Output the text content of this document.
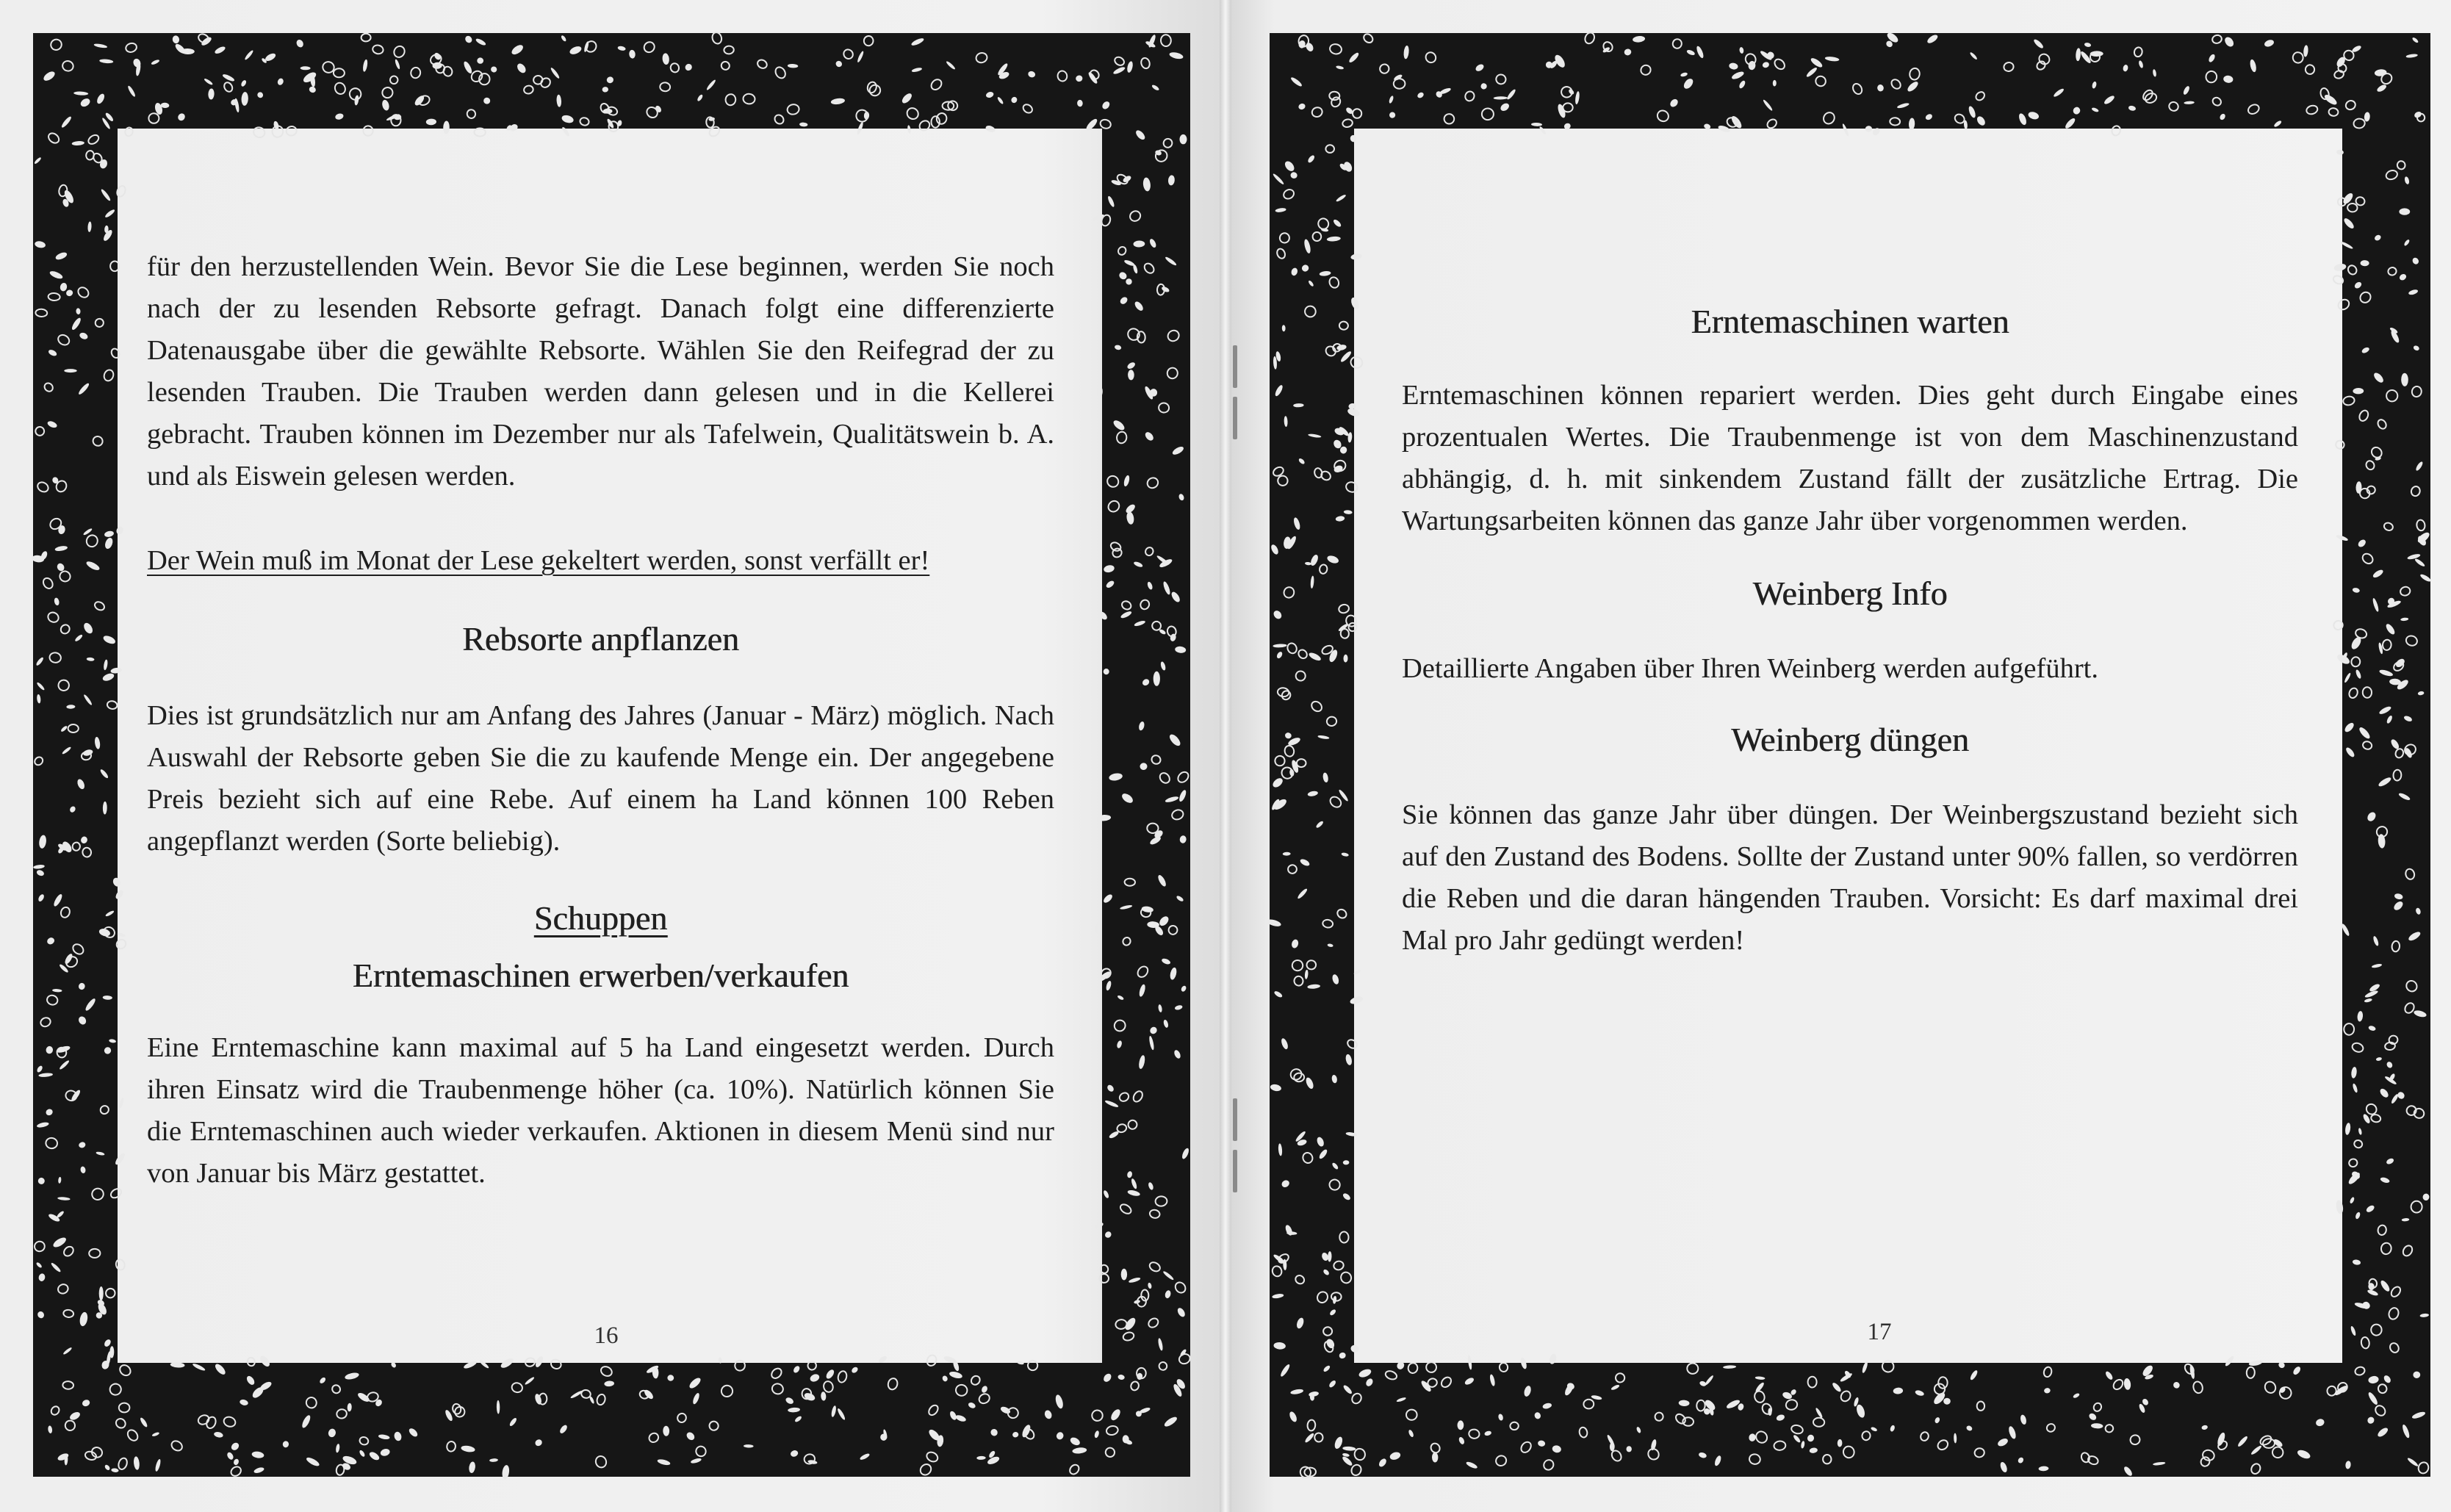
für den herzustellenden Wein. Bevor Sie die Lese beginnen, werden Sie noch nach der zu lesenden Rebsorte gefragt. Danach folgt eine differenzierte Datenausgabe über die gewählte Rebsorte. Wählen Sie den Reifegrad der zu lesenden Trauben. Die Trauben werden dann gelesen und in die Kellerei gebracht. Trauben können im Dezember nur als Tafelwein, Qualitätswein b. A. und als Eiswein gelesen werden.

Der Wein muß im Monat der Lese gekeltert werden, sonst verfällt er!
Rebsorte anpflanzen

Dies ist grundsätzlich nur am Anfang des Jahres (Januar - März) möglich. Nach Auswahl der Rebsorte geben Sie die zu kaufende Menge ein. Der angegebene Preis bezieht sich auf eine Rebe. Auf einem ha Land können 100 Reben angepflanzt werden (Sorte beliebig).

Schuppen
Erntemaschinen erwerben/verkaufen

Eine Erntemaschine kann maximal auf 5 ha Land eingesetzt werden. Durch ihren Einsatz wird die Traubenmenge höher (ca. 10%). Natürlich können Sie die Erntemaschinen auch wieder verkaufen. Aktionen in diesem Menü sind nur von Januar bis März gestattet.

16
Erntemaschinen warten

Erntemaschinen können repariert werden. Dies geht durch Eingabe eines prozentualen Wertes. Die Traubenmenge ist von dem Maschinenzustand abhängig, d. h. mit sinkendem Zustand fällt der zusätzliche Ertrag. Die Wartungsarbeiten können das ganze Jahr über vorgenommen werden.

Weinberg Info

Detaillierte Angaben über Ihren Weinberg werden aufgeführt.

Weinberg düngen

Sie können das ganze Jahr über düngen. Der Weinbergszustand bezieht sich auf den Zustand des Bodens. Sollte der Zustand unter 90% fallen, so verdörren die Reben und die daran hängenden Trauben. Vorsicht: Es darf maximal drei Mal pro Jahr gedüngt werden!

17
